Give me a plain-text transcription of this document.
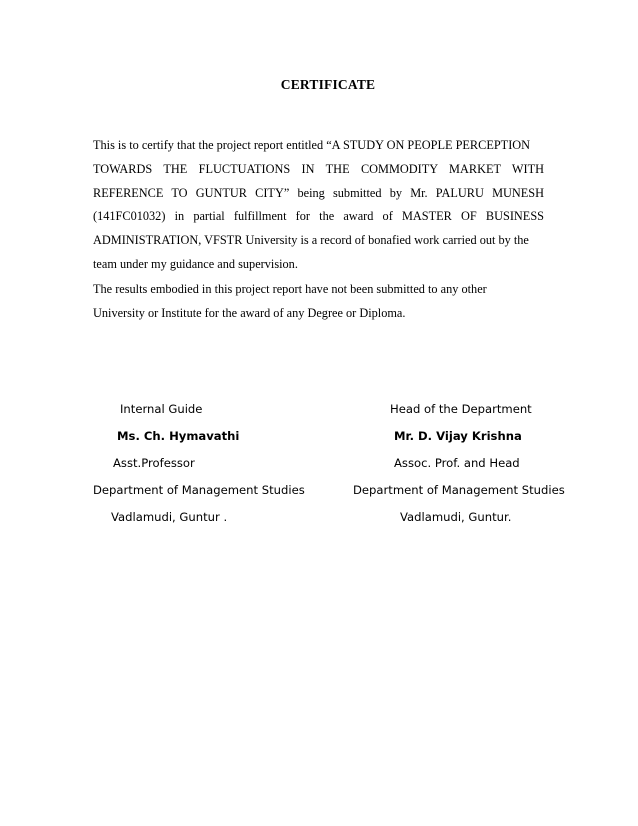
CERTIFICATE
This is to certify that the project report entitled “A STUDY ON PEOPLE PERCEPTION
TOWARDS THE FLUCTUATIONS IN THE COMMODITY MARKET WITH
REFERENCE TO GUNTUR CITY” being submitted by Mr. PALURU MUNESH
(141FC01032) in partial fulfillment for the award of MASTER OF BUSINESS
ADMINISTRATION, VFSTR University is a record of bonafied work carried out by the
team under my guidance and supervision.
The results embodied in this project report have not been submitted to any other
University or Institute for the award of any Degree or Diploma.
Internal Guide
Ms. Ch. Hymavathi
Asst.Professor
Department of Management Studies
Vadlamudi, Guntur .
Head of the Department
Mr. D. Vijay Krishna
Assoc. Prof. and Head
Department of Management Studies
Vadlamudi, Guntur.
